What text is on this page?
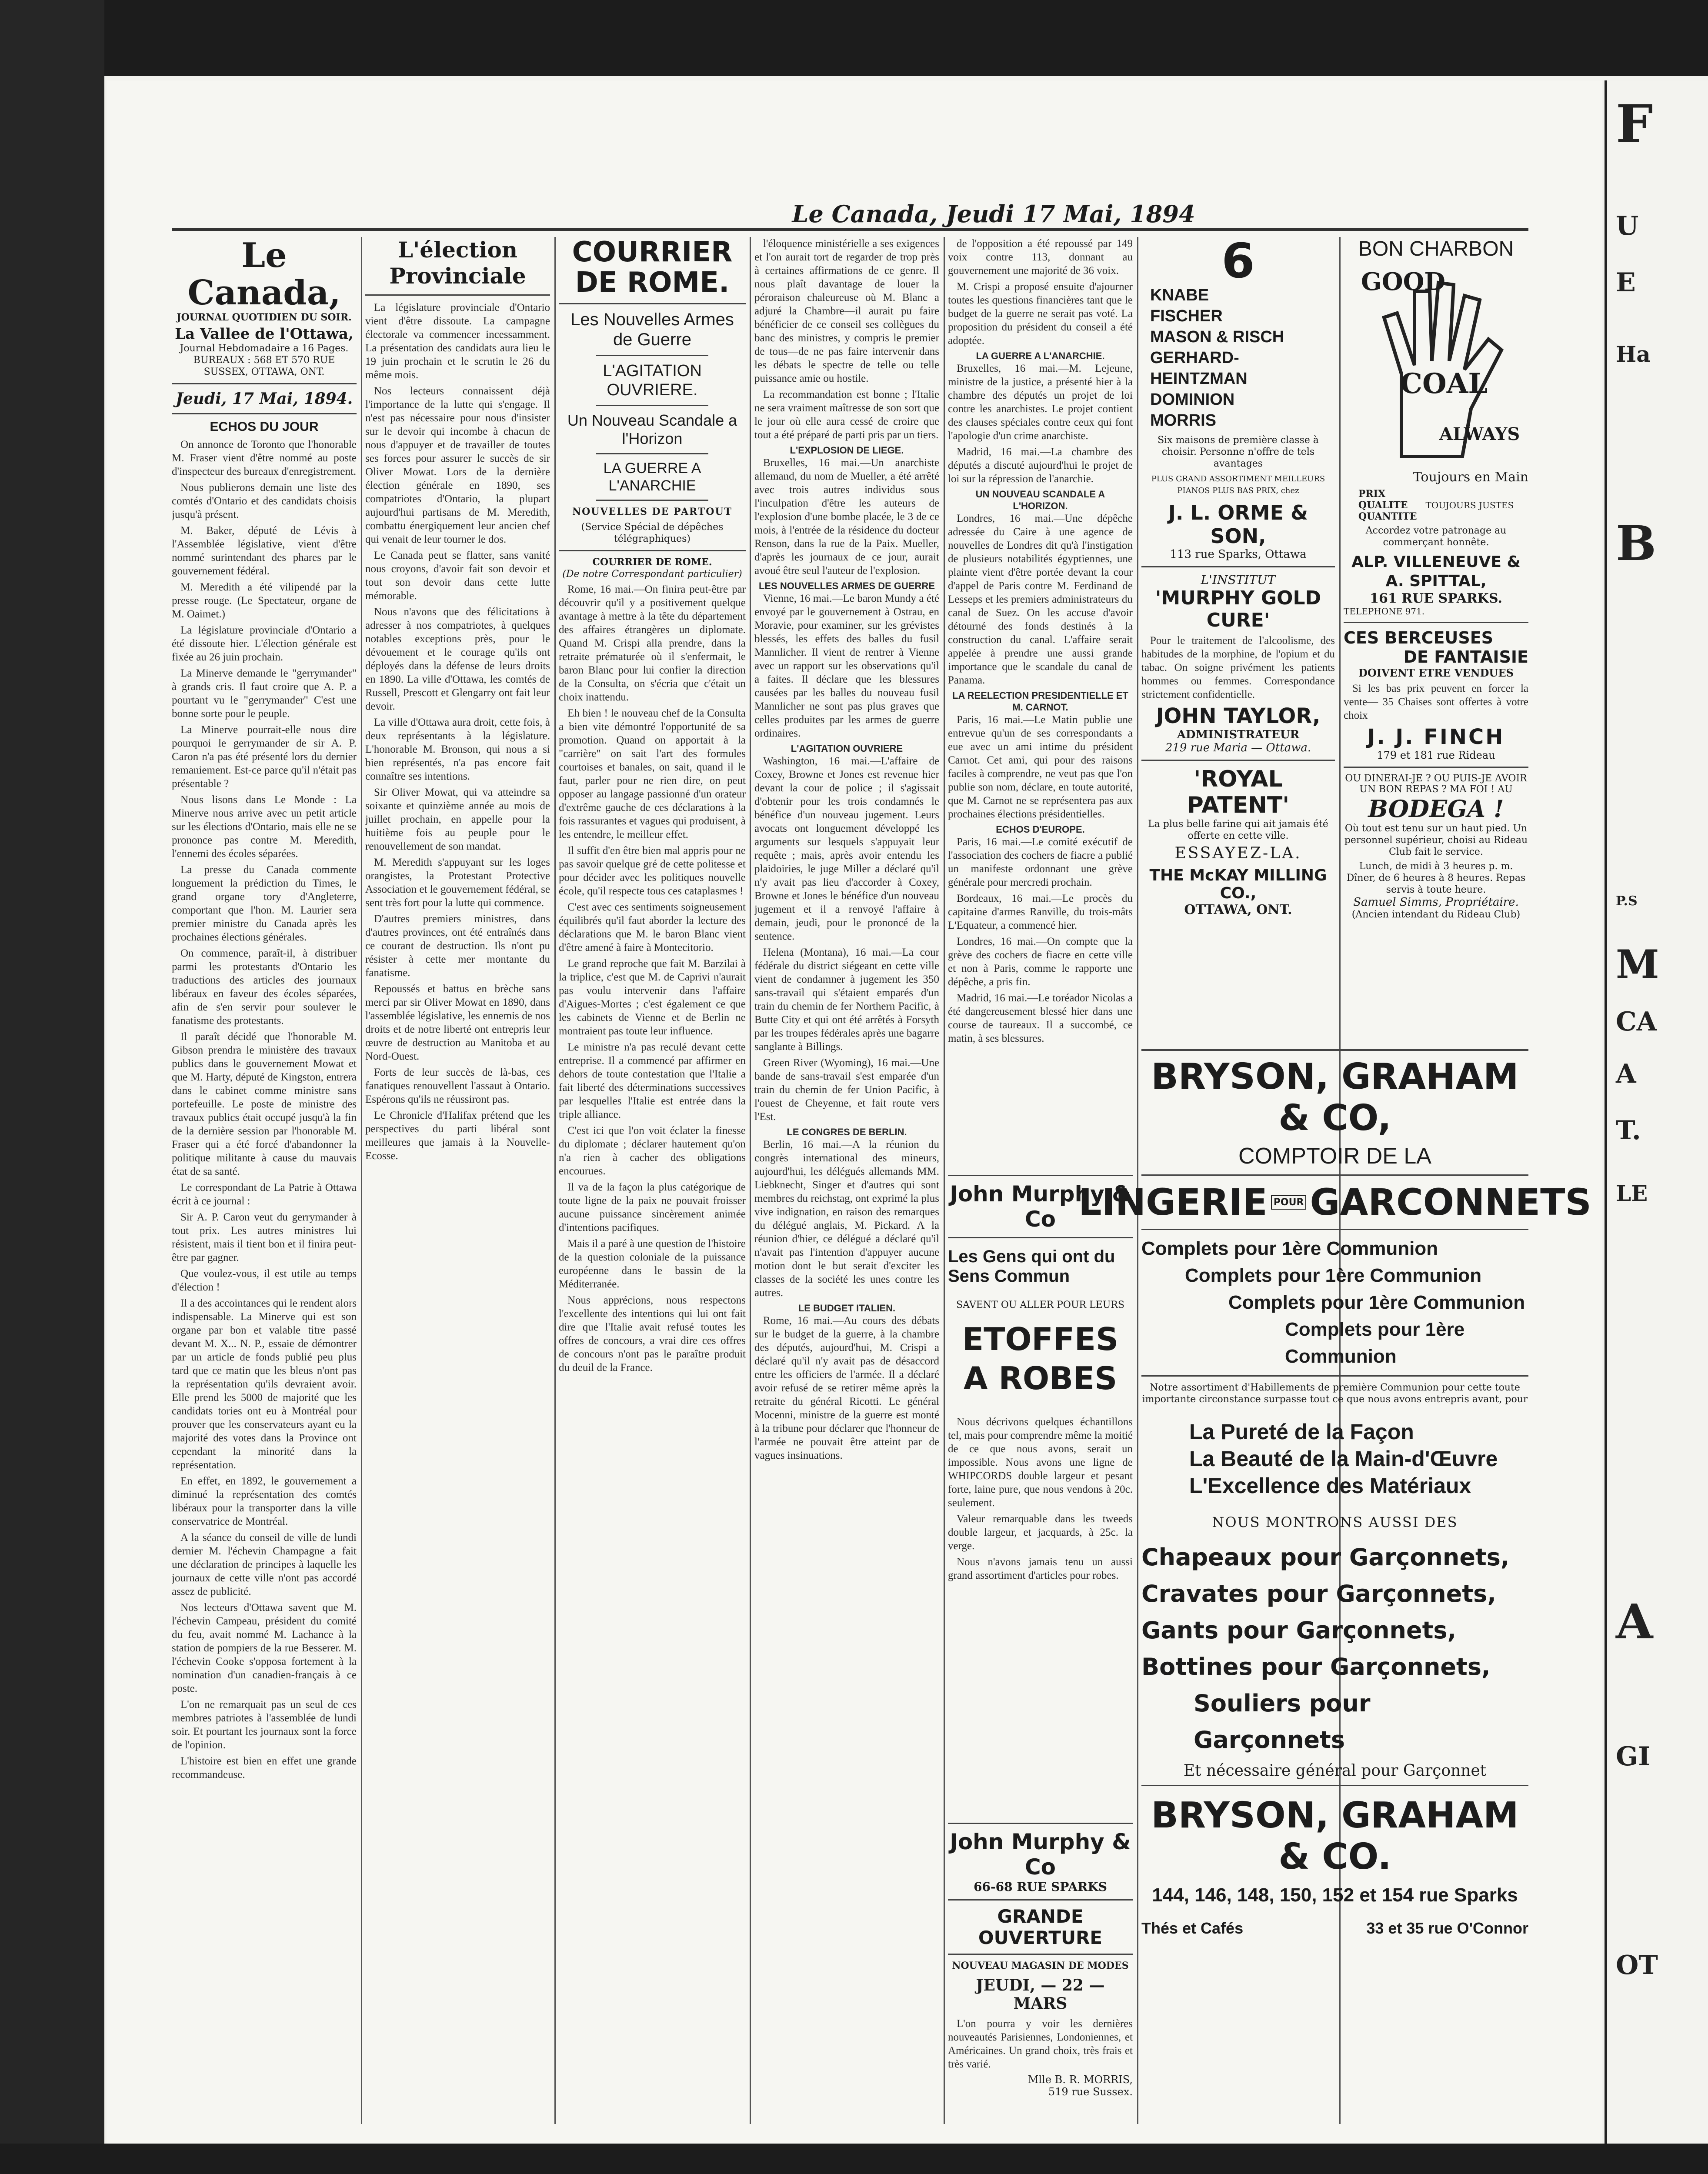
F
U
E
Ha
B
P.S
M
CA
A
T.
LE
A
GI
OT
Le Canada, Jeudi 17 Mai, 1894
Le Canada,
JOURNAL QUOTIDIEN DU SOIR.
La Vallee de l'Ottawa,
Journal Hebdomadaire a 16 Pages.
BUREAUX : 568 ET 570 RUE SUSSEX, OTTAWA, ONT.
Jeudi, 17 Mai, 1894.
ECHOS DU JOUR

On annonce de Toronto que l'honorable M. Fraser vient d'être nommé au poste d'inspecteur des bureaux d'enregistrement.

Nous publierons demain une liste des comtés d'Ontario et des candidats choisis jusqu'à présent.

M. Baker, député de Lévis à l'Assemblée législative, vient d'être nommé surintendant des phares par le gouvernement fédéral.

M. Meredith a été vilipendé par la presse rouge. (Le Spectateur, organe de M. Oaimet.)

La législature provinciale d'Ontario a été dissoute hier. L'élection générale est fixée au 26 juin prochain.

La Minerve demande le "gerrymander" à grands cris. Il faut croire que A. P. a pourtant vu le "gerrymander" C'est une bonne sorte pour le peuple.

La Minerve pourrait-elle nous dire pourquoi le gerrymander de sir A. P. Caron n'a pas été présenté lors du dernier remaniement. Est-ce parce qu'il n'était pas présentable ?

Nous lisons dans Le Monde : La Minerve nous arrive avec un petit article sur les élections d'Ontario, mais elle ne se prononce pas contre M. Meredith, l'ennemi des écoles séparées.

La presse du Canada commente longuement la prédiction du Times, le grand organe tory d'Angleterre, comportant que l'hon. M. Laurier sera premier ministre du Canada après les prochaines élections générales.

On commence, paraît-il, à distribuer parmi les protestants d'Ontario les traductions des articles des journaux libéraux en faveur des écoles séparées, afin de s'en servir pour soulever le fanatisme des protestants.

Il paraît décidé que l'honorable M. Gibson prendra le ministère des travaux publics dans le gouvernement Mowat et que M. Harty, député de Kingston, entrera dans le cabinet comme ministre sans portefeuille. Le poste de ministre des travaux publics était occupé jusqu'à la fin de la dernière session par l'honorable M. Fraser qui a été forcé d'abandonner la politique militante à cause du mauvais état de sa santé.

Le correspondant de La Patrie à Ottawa écrit à ce journal :

Sir A. P. Caron veut du gerrymander à tout prix. Les autres ministres lui résistent, mais il tient bon et il finira peut-être par gagner.

Que voulez-vous, il est utile au temps d'élection !

Il a des accointances qui le rendent alors indispensable. La Minerve qui est son organe par bon et valable titre passé devant M. X... N. P., essaie de démontrer par un article de fonds publié peu plus tard que ce matin que les bleus n'ont pas la représentation qu'ils devraient avoir. Elle prend les 5000 de majorité que les candidats tories ont eu à Montréal pour prouver que les conservateurs ayant eu la majorité des votes dans la Province ont cependant la minorité dans la représentation.

En effet, en 1892, le gouvernement a diminué la représentation des comtés libéraux pour la transporter dans la ville conservatrice de Montréal.

A la séance du conseil de ville de lundi dernier M. l'échevin Champagne a fait une déclaration de principes à laquelle les journaux de cette ville n'ont pas accordé assez de publicité.

Nos lecteurs d'Ottawa savent que M. l'échevin Campeau, président du comité du feu, avait nommé M. Lachance à la station de pompiers de la rue Besserer. M. l'échevin Cooke s'opposa fortement à la nomination d'un canadien-français à ce poste.

L'on ne remarquait pas un seul de ces membres patriotes à l'assemblée de lundi soir. Et pourtant les journaux sont la force de l'opinion.

L'histoire est bien en effet une grande recommandeuse.

L'élection Provinciale

La législature provinciale d'Ontario vient d'être dissoute. La campagne électorale va commencer incessamment. La présentation des candidats aura lieu le 19 juin prochain et le scrutin le 26 du même mois.

Nos lecteurs connaissent déjà l'importance de la lutte qui s'engage. Il n'est pas nécessaire pour nous d'insister sur le devoir qui incombe à chacun de nous d'appuyer et de travailler de toutes ses forces pour assurer le succès de sir Oliver Mowat. Lors de la dernière élection générale en 1890, ses compatriotes d'Ontario, la plupart aujourd'hui partisans de M. Meredith, combattu énergiquement leur ancien chef qui venait de leur tourner le dos.

Le Canada peut se flatter, sans vanité nous croyons, d'avoir fait son devoir et tout son devoir dans cette lutte mémorable.

Nous n'avons que des félicitations à adresser à nos compatriotes, à quelques notables exceptions près, pour le dévouement et le courage qu'ils ont déployés dans la défense de leurs droits en 1890. La ville d'Ottawa, les comtés de Russell, Prescott et Glengarry ont fait leur devoir.

La ville d'Ottawa aura droit, cette fois, à deux représentants à la législature. L'honorable M. Bronson, qui nous a si bien représentés, n'a pas encore fait connaître ses intentions.

Sir Oliver Mowat, qui va atteindre sa soixante et quinzième année au mois de juillet prochain, en appelle pour la huitième fois au peuple pour le renouvellement de son mandat.

M. Meredith s'appuyant sur les loges orangistes, la Protestant Protective Association et le gouvernement fédéral, se sent très fort pour la lutte qui commence.

D'autres premiers ministres, dans d'autres provinces, ont été entraînés dans ce courant de destruction. Ils n'ont pu résister à cette mer montante du fanatisme.

Repoussés et battus en brèche sans merci par sir Oliver Mowat en 1890, dans l'assemblée législative, les ennemis de nos droits et de notre liberté ont entrepris leur œuvre de destruction au Manitoba et au Nord-Ouest.

Forts de leur succès de là-bas, ces fanatiques renouvellent l'assaut à Ontario. Espérons qu'ils ne réussiront pas.

Le Chronicle d'Halifax prétend que les perspectives du parti libéral sont meilleures que jamais à la Nouvelle-Ecosse.

COURRIER DE ROME.
Les Nouvelles Armes de Guerre
L'AGITATION OUVRIERE.
Un Nouveau Scandale a l'Horizon
LA GUERRE A L'ANARCHIE
NOUVELLES DE PARTOUT
(Service Spécial de dépêches télégraphiques)
COURRIER DE ROME.
(De notre Correspondant particulier)

Rome, 16 mai.—On finira peut-être par découvrir qu'il y a positivement quelque avantage à mettre à la tête du département des affaires étrangères un diplomate. Quand M. Crispi alla prendre, dans la retraite prématurée où il s'enfermait, le baron Blanc pour lui confier la direction de la Consulta, on s'écria que c'était un choix inattendu.

Eh bien ! le nouveau chef de la Consulta a bien vite démontré l'opportunité de sa promotion. Quand on apportait à la "carrière" on sait l'art des formules courtoises et banales, on sait, quand il le faut, parler pour ne rien dire, on peut opposer au langage passionné d'un orateur d'extrême gauche de ces déclarations à la fois rassurantes et vagues qui produisent, à les entendre, le meilleur effet.

Il suffit d'en être bien mal appris pour ne pas savoir quelque gré de cette politesse et pour décider avec les politiques nouvelle école, qu'il respecte tous ces cataplasmes !

C'est avec ces sentiments soigneusement équilibrés qu'il faut aborder la lecture des déclarations que M. le baron Blanc vient d'être amené à faire à Montecitorio.

Le grand reproche que fait M. Barzilai à la triplice, c'est que M. de Caprivi n'aurait pas voulu intervenir dans l'affaire d'Aigues-Mortes ; c'est également ce que les cabinets de Vienne et de Berlin ne montraient pas toute leur influence.

Le ministre n'a pas reculé devant cette entreprise. Il a commencé par affirmer en dehors de toute contestation que l'Italie a fait liberté des déterminations successives par lesquelles l'Italie est entrée dans la triple alliance.

C'est ici que l'on voit éclater la finesse du diplomate ; déclarer hautement qu'on n'a rien à cacher des obligations encourues.

Il va de la façon la plus catégorique de toute ligne de la paix ne pouvait froisser aucune puissance sincèrement animée d'intentions pacifiques.

Mais il a paré à une question de l'histoire de la question coloniale de la puissance européenne dans le bassin de la Méditerranée.

Nous apprécions, nous respectons l'excellente des intentions qui lui ont fait dire que l'Italie avait refusé toutes les offres de concours, a vrai dire ces offres de concours n'ont pas le paraître produit du deuil de la France.

l'éloquence ministérielle a ses exigences et l'on aurait tort de regarder de trop près à certaines affirmations de ce genre. Il nous plaît davantage de louer la péroraison chaleureuse où M. Blanc a adjuré la Chambre—il aurait pu faire bénéficier de ce conseil ses collègues du banc des ministres, y compris le premier de tous—de ne pas faire intervenir dans les débats le spectre de telle ou telle puissance amie ou hostile.

La recommandation est bonne ; l'Italie ne sera vraiment maîtresse de son sort que le jour où elle aura cessé de croire que tout a été préparé de parti pris par un tiers.

L'EXPLOSION DE LIEGE.

Bruxelles, 16 mai.—Un anarchiste allemand, du nom de Mueller, a été arrêté avec trois autres individus sous l'inculpation d'être les auteurs de l'explosion d'une bombe placée, le 3 de ce mois, à l'entrée de la résidence du docteur Renson, dans la rue de la Paix. Mueller, d'après les journaux de ce jour, aurait avoué être seul l'auteur de l'explosion.

LES NOUVELLES ARMES DE GUERRE

Vienne, 16 mai.—Le baron Mundy a été envoyé par le gouvernement à Ostrau, en Moravie, pour examiner, sur les grévistes blessés, les effets des balles du fusil Mannlicher. Il vient de rentrer à Vienne avec un rapport sur les observations qu'il a faites. Il déclare que les blessures causées par les balles du nouveau fusil Mannlicher ne sont pas plus graves que celles produites par les armes de guerre ordinaires.

L'AGITATION OUVRIERE

Washington, 16 mai.—L'affaire de Coxey, Browne et Jones est revenue hier devant la cour de police ; il s'agissait d'obtenir pour les trois condamnés le bénéfice d'un nouveau jugement. Leurs avocats ont longuement développé les arguments sur lesquels s'appuyait leur requête ; mais, après avoir entendu les plaidoiries, le juge Miller a déclaré qu'il n'y avait pas lieu d'accorder à Coxey, Browne et Jones le bénéfice d'un nouveau jugement et il a renvoyé l'affaire à demain, jeudi, pour le prononcé de la sentence.

Helena (Montana), 16 mai.—La cour fédérale du district siégeant en cette ville vient de condamner à jugement les 350 sans-travail qui s'étaient emparés d'un train du chemin de fer Northern Pacific, à Butte City et qui ont été arrêtés à Forsyth par les troupes fédérales après une bagarre sanglante à Billings.

Green River (Wyoming), 16 mai.—Une bande de sans-travail s'est emparée d'un train du chemin de fer Union Pacific, à l'ouest de Cheyenne, et fait route vers l'Est.

LE CONGRES DE BERLIN.

Berlin, 16 mai.—A la réunion du congrès international des mineurs, aujourd'hui, les délégués allemands MM. Liebknecht, Singer et d'autres qui sont membres du reichstag, ont exprimé la plus vive indignation, en raison des remarques du délégué anglais, M. Pickard. A la réunion d'hier, ce délégué a déclaré qu'il n'avait pas l'intention d'appuyer aucune motion dont le but serait d'exciter les classes de la société les unes contre les autres.

LE BUDGET ITALIEN.

Rome, 16 mai.—Au cours des débats sur le budget de la guerre, à la chambre des députés, aujourd'hui, M. Crispi a déclaré qu'il n'y avait pas de désaccord entre les officiers de l'armée. Il a déclaré avoir refusé de se retirer même après la retraite du général Ricotti. Le général Mocenni, ministre de la guerre est monté à la tribune pour déclarer que l'honneur de l'armée ne pouvait être atteint par de vagues insinuations.

de l'opposition a été repoussé par 149 voix contre 113, donnant au gouvernement une majorité de 36 voix.

M. Crispi a proposé ensuite d'ajourner toutes les questions financières tant que le budget de la guerre ne serait pas voté. La proposition du président du conseil a été adoptée.

LA GUERRE A L'ANARCHIE.

Bruxelles, 16 mai.—M. Lejeune, ministre de la justice, a présenté hier à la chambre des députés un projet de loi contre les anarchistes. Le projet contient des clauses spéciales contre ceux qui font l'apologie d'un crime anarchiste.

Madrid, 16 mai.—La chambre des députés a discuté aujourd'hui le projet de loi sur la répression de l'anarchie.

UN NOUVEAU SCANDALE A L'HORIZON.

Londres, 16 mai.—Une dépêche adressée du Caire à une agence de nouvelles de Londres dit qu'à l'instigation de plusieurs notabilités égyptiennes, une plainte vient d'être portée devant la cour d'appel de Paris contre M. Ferdinand de Lesseps et les premiers administrateurs du canal de Suez. On les accuse d'avoir détourné des fonds destinés à la construction du canal. L'affaire serait appelée à prendre une aussi grande importance que le scandale du canal de Panama.

LA REELECTION PRESIDENTIELLE ET M. CARNOT.

Paris, 16 mai.—Le Matin publie une entrevue qu'un de ses correspondants a eue avec un ami intime du président Carnot. Cet ami, qui pour des raisons faciles à comprendre, ne veut pas que l'on publie son nom, déclare, en toute autorité, que M. Carnot ne se représentera pas aux prochaines élections présidentielles.

ECHOS D'EUROPE.

Paris, 16 mai.—Le comité exécutif de l'association des cochers de fiacre a publié un manifeste ordonnant une grève générale pour mercredi prochain.

Bordeaux, 16 mai.—Le procès du capitaine d'armes Ranville, du trois-mâts L'Equateur, a commencé hier.

Londres, 16 mai.—On compte que la grève des cochers de fiacre en cette ville et non à Paris, comme le rapporte une dépêche, a pris fin.

Madrid, 16 mai.—Le toréador Nicolas a été dangereusement blessé hier dans une course de taureaux. Il a succombé, ce matin, à ses blessures.

John Murphy & Co
Les Gens qui ont du
Sens Commun
SAVENT OU ALLER POUR LEURS
ETOFFES A ROBES

Nous décrivons quelques échantillons tel, mais pour comprendre même la moitié de ce que nous avons, serait un impossible. Nous avons une ligne de WHIPCORDS double largeur et pesant forte, laine pure, que nous vendons à 20c. seulement.

Valeur remarquable dans les tweeds double largeur, et jacquards, à 25c. la verge.

Nous n'avons jamais tenu un aussi grand assortiment d'articles pour robes.

John Murphy & Co
66-68 RUE SPARKS
GRANDE OUVERTURE
NOUVEAU MAGASIN DE MODES
JEUDI, — 22 — MARS

L'on pourra y voir les dernières nouveautés Parisiennes, Londoniennes, et Américaines. Un grand choix, très frais et très varié.

Mlle B. R. MORRIS,
519 rue Sussex.
6
KNABE
FISCHER
MASON & RISCH
GERHARD-HEINTZMAN
DOMINION
MORRIS
Six maisons de première classe à choisir. Personne n'offre de tels avantages
PLUS GRAND ASSORTIMENT MEILLEURS PIANOS PLUS BAS PRIX, chez
J. L. ORME & SON,
113 rue Sparks, Ottawa
L'INSTITUT
'MURPHY GOLD CURE'

Pour le traitement de l'alcoolisme, des habitudes de la morphine, de l'opium et du tabac. On soigne privément les patients hommes ou femmes. Correspondance strictement confidentielle.

JOHN TAYLOR,
ADMINISTRATEUR
219 rue Maria — Ottawa.
'ROYAL PATENT'
La plus belle farine qui ait jamais été offerte en cette ville.
ESSAYEZ-LA.
THE McKAY MILLING CO.,
OTTAWA, ONT.
BON CHARBON
GOOD
COAL
ALWAYS
Toujours en Main
PRIX
QUALITE
QUANTITE
TOUJOURS JUSTES
Accordez votre patronage au commerçant honnête.
ALP. VILLENEUVE & A. SPITTAL,
161 RUE SPARKS.
TELEPHONE 971.
CES BERCEUSES
DE FANTAISIE
DOIVENT ETRE VENDUES

Si les bas prix peuvent en forcer la vente— 35 Chaises sont offertes à votre choix

J. J. FINCH
179 et 181 rue Rideau
OU DINERAI-JE ? OU PUIS-JE AVOIR UN BON REPAS ? MA FOI ! AU
BODEGA !
Où tout est tenu sur un haut pied. Un personnel supérieur, choisi au Rideau Club fait le service.
Lunch, de midi à 3 heures p. m. Dîner, de 6 heures à 8 heures. Repas servis à toute heure.
Samuel Simms, Propriétaire.
(Ancien intendant du Rideau Club)
BRYSON, GRAHAM & CO,
COMPTOIR DE LA
LINGERIE POUR GARCONNETS
Complets pour 1ère Communion
Complets pour 1ère Communion
Complets pour 1ère Communion
Complets pour 1ère Communion
Notre assortiment d'Habillements de première Communion pour cette toute importante circonstance surpasse tout ce que nous avons entrepris avant, pour
La Pureté de la Façon
La Beauté de la Main-d'Œuvre
L'Excellence des Matériaux
NOUS MONTRONS AUSSI DES
Chapeaux pour Garçonnets,
Cravates pour Garçonnets,
Gants pour Garçonnets,
Bottines pour Garçonnets,
Souliers pour Garçonnets
Et nécessaire général pour Garçonnet
BRYSON, GRAHAM & CO.
144, 146, 148, 150, 152 et 154 rue Sparks
Thés et Cafés	33 et 35 rue O'Connor
